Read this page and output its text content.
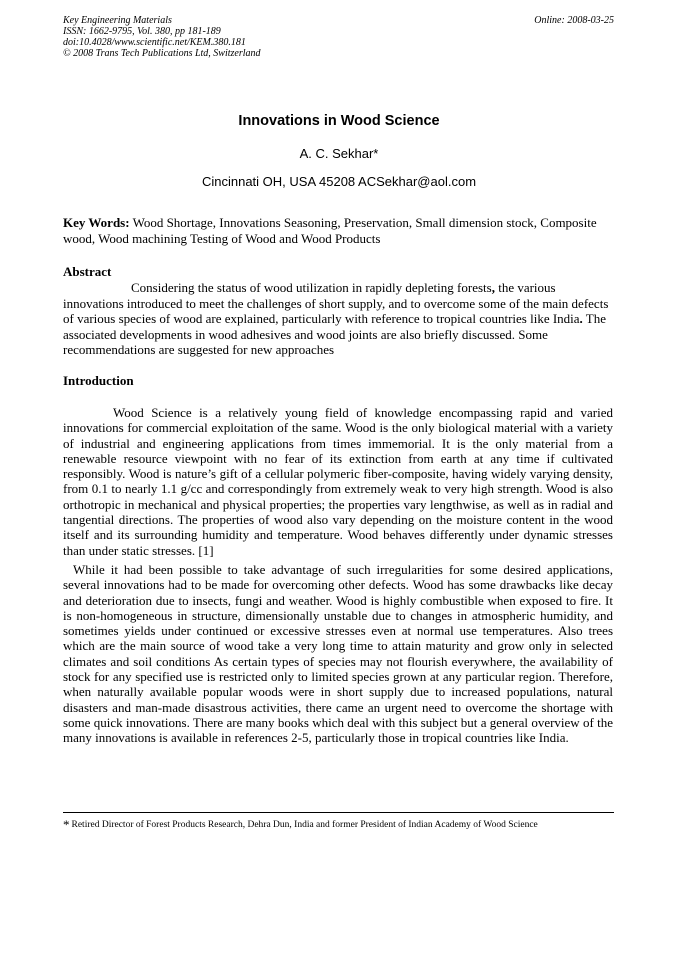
Key Engineering Materials
ISSN: 1662-9795, Vol. 380, pp 181-189
doi:10.4028/www.scientific.net/KEM.380.181
© 2008 Trans Tech Publications Ltd, Switzerland
Online: 2008-03-25
Innovations in Wood Science
A. C. Sekhar*
Cincinnati OH, USA 45208 ACSekhar@aol.com
Key Words: Wood Shortage, Innovations Seasoning, Preservation, Small dimension stock, Composite wood, Wood machining Testing of Wood and Wood Products
Abstract
Considering the status of wood utilization in rapidly depleting forests, the various innovations introduced to meet the challenges of short supply, and to overcome some of the main defects of various species of wood are explained, particularly with reference to tropical countries like India. The associated developments in wood adhesives and wood joints are also briefly discussed. Some recommendations are suggested for new approaches
Introduction
Wood Science is a relatively young field of knowledge encompassing rapid and varied innovations for commercial exploitation of the same. Wood is the only biological material with a variety of industrial and engineering applications from times immemorial. It is the only material from a renewable resource viewpoint with no fear of its extinction from earth at any time if cultivated responsibly. Wood is nature’s gift of a cellular polymeric fiber-composite, having widely varying density, from 0.1 to nearly 1.1 g/cc and correspondingly from extremely weak to very high strength. Wood is also orthotropic in mechanical and physical properties; the properties vary lengthwise, as well as in radial and tangential directions. The properties of wood also vary depending on the moisture content in the wood itself and its surrounding humidity and temperature. Wood behaves differently under dynamic stresses than under static stresses. [1]
While it had been possible to take advantage of such irregularities for some desired applications, several innovations had to be made for overcoming other defects. Wood has some drawbacks like decay and deterioration due to insects, fungi and weather. Wood is highly combustible when exposed to fire. It is non-homogeneous in structure, dimensionally unstable due to changes in atmospheric humidity, and sometimes yields under continued or excessive stresses even at normal use temperatures. Also trees which are the main source of wood take a very long time to attain maturity and grow only in selected climates and soil conditions As certain types of species may not flourish everywhere, the availability of stock for any specified use is restricted only to limited species grown at any particular region. Therefore, when naturally available popular woods were in short supply due to increased populations, natural disasters and man-made disastrous activities, there came an urgent need to overcome the shortage with some quick innovations. There are many books which deal with this subject but a general overview of the many innovations is available in references 2-5, particularly those in tropical countries like India.
* Retired Director of Forest Products Research, Dehra Dun, India and former President of Indian Academy of Wood Science
